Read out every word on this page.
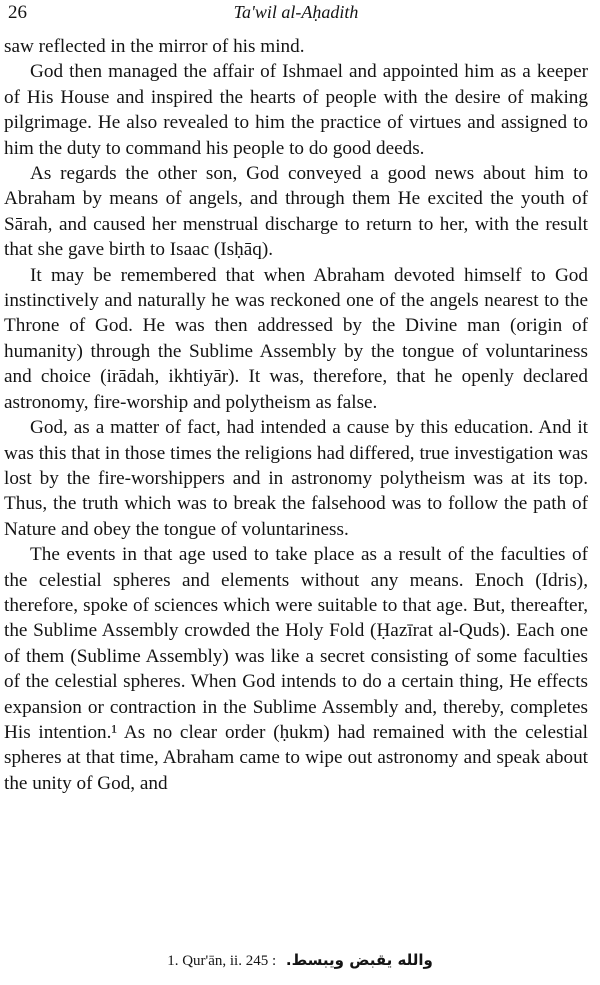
26	Ta'wil al-Aḥadith

saw reflected in the mirror of his mind.

God then managed the affair of Ishmael and appointed him as a keeper of His House and inspired the hearts of people with the desire of making pilgrimage. He also revealed to him the practice of virtues and assigned to him the duty to command his people to do good deeds.

As regards the other son, God conveyed a good news about him to Abraham by means of angels, and through them He excited the youth of Sārah, and caused her menstrual discharge to return to her, with the result that she gave birth to Isaac (Isḥāq).

It may be remembered that when Abraham devoted himself to God instinctively and naturally he was reckoned one of the angels nearest to the Throne of God. He was then addressed by the Divine man (origin of humanity) through the Sublime Assembly by the tongue of voluntariness and choice (irādah, ikhtiyār). It was, therefore, that he openly declared astronomy, fire-worship and polytheism as false.

God, as a matter of fact, had intended a cause by this education. And it was this that in those times the religions had differed, true investigation was lost by the fire-worshippers and in astronomy polytheism was at its top. Thus, the truth which was to break the falsehood was to follow the path of Nature and obey the tongue of voluntariness.

The events in that age used to take place as a result of the faculties of the celestial spheres and elements without any means. Enoch (Idris), therefore, spoke of sciences which were suitable to that age. But, thereafter, the Sublime Assembly crowded the Holy Fold (Ḥazīrat al-Quds). Each one of them (Sublime Assembly) was like a secret consisting of some faculties of the celestial spheres. When God intends to do a certain thing, He effects expansion or contraction in the Sublime Assembly and, thereby, completes His intention.¹ As no clear order (ḥukm) had remained with the celestial spheres at that time, Abraham came to wipe out astronomy and speak about the unity of God, and

1. Qur'ān, ii. 245 : والله يقبض ويبسط.
